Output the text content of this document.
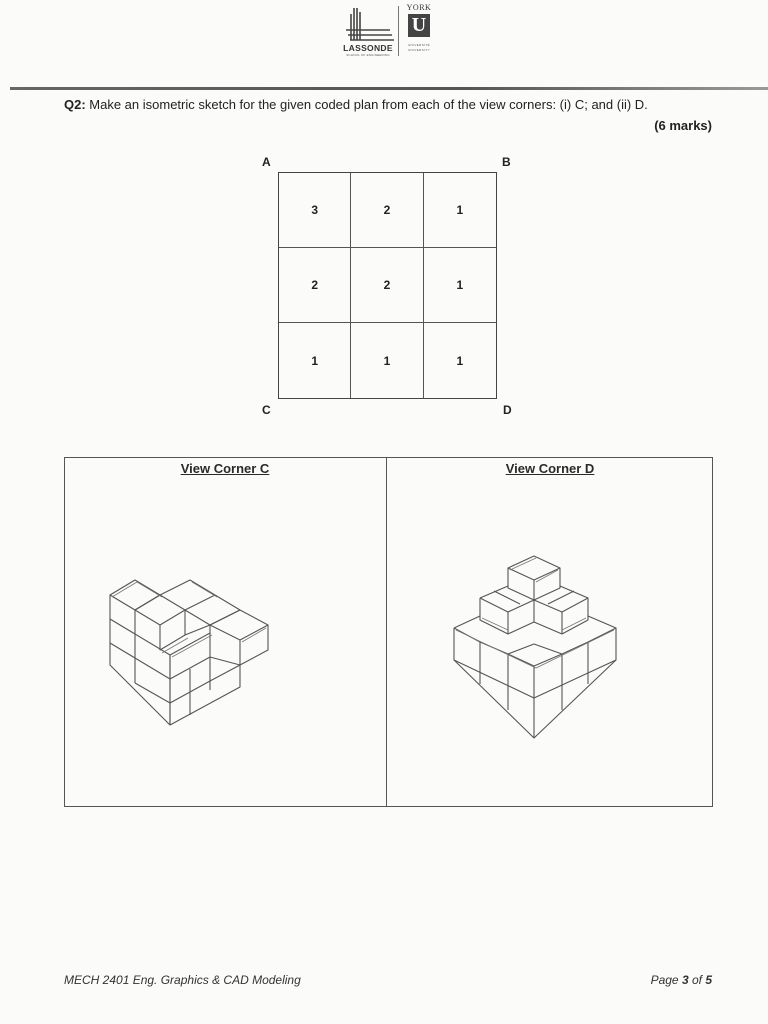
LASSONDE
SCHOOL OF ENGINEERING
YORK
U
UNIVERSITÉ
UNIVERSITY
Q2: Make an isometric sketch for the given coded plan from each of the view corners: (i) C; and (ii) D.
(6 marks)
A	B
C	D
3	2	1
2	2	1
1	1	1
View Corner C	View Corner D
MECH 2401 Eng. Graphics & CAD Modeling	Page 3 of 5
